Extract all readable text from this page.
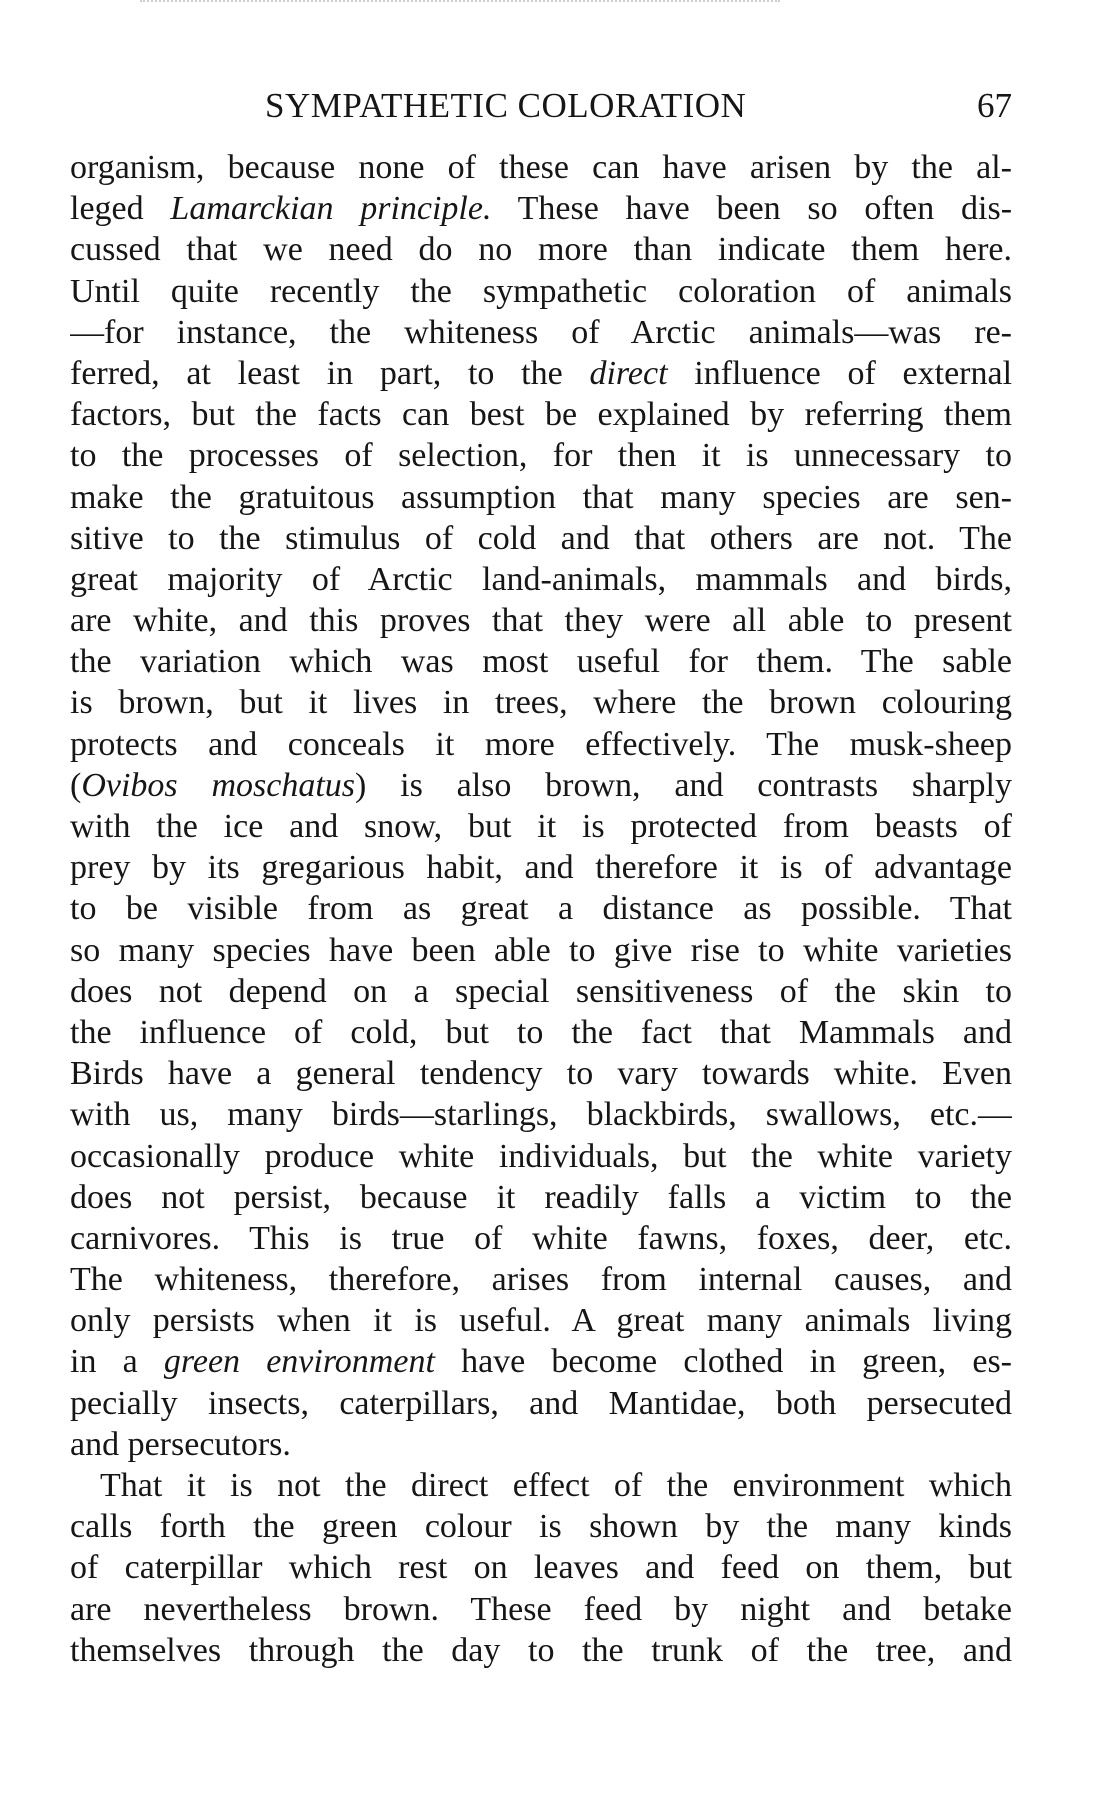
SYMPATHETIC COLORATION	67
organism, because none of these can have arisen by the al-
leged Lamarckian principle. These have been so often dis-
cussed that we need do no more than indicate them here.
Until quite recently the sympathetic coloration of animals
—for instance, the whiteness of Arctic animals—was re-
ferred, at least in part, to the direct influence of external
factors, but the facts can best be explained by referring them
to the processes of selection, for then it is unnecessary to
make the gratuitous assumption that many species are sen-
sitive to the stimulus of cold and that others are not. The
great majority of Arctic land-animals, mammals and birds,
are white, and this proves that they were all able to present
the variation which was most useful for them. The sable
is brown, but it lives in trees, where the brown colouring
protects and conceals it more effectively. The musk-sheep
(Ovibos moschatus) is also brown, and contrasts sharply
with the ice and snow, but it is protected from beasts of
prey by its gregarious habit, and therefore it is of advantage
to be visible from as great a distance as possible. That
so many species have been able to give rise to white varieties
does not depend on a special sensitiveness of the skin to
the influence of cold, but to the fact that Mammals and
Birds have a general tendency to vary towards white. Even
with us, many birds—starlings, blackbirds, swallows, etc.—
occasionally produce white individuals, but the white variety
does not persist, because it readily falls a victim to the
carnivores. This is true of white fawns, foxes, deer, etc.
The whiteness, therefore, arises from internal causes, and
only persists when it is useful. A great many animals living
in a green environment have become clothed in green, es-
pecially insects, caterpillars, and Mantidae, both persecuted
and persecutors.
That it is not the direct effect of the environment which
calls forth the green colour is shown by the many kinds
of caterpillar which rest on leaves and feed on them, but
are nevertheless brown. These feed by night and betake
themselves through the day to the trunk of the tree, and
